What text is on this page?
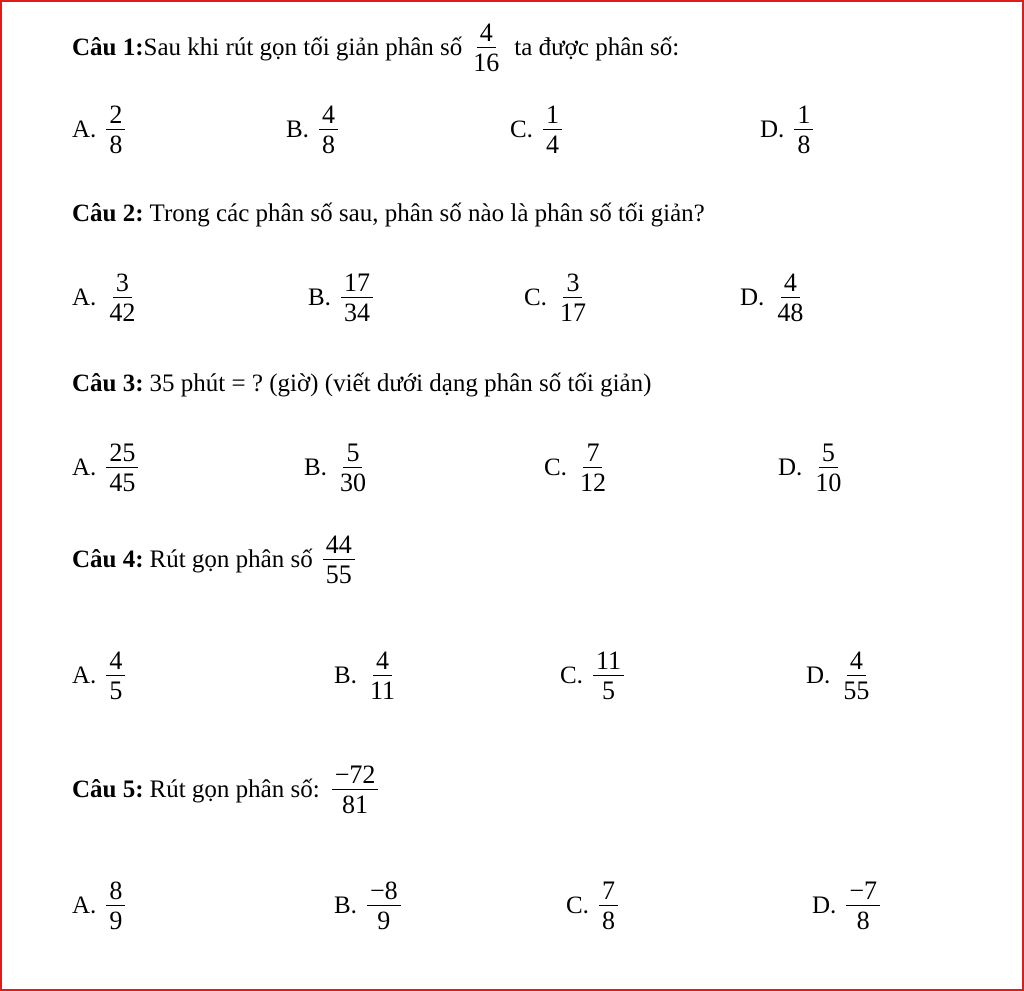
Câu 1: Sau khi rút gọn tối giản phân số $\frac{4}{16}$ ta được phân số:
A. $\frac{2}{8}$	B. $\frac{4}{8}$	C. $\frac{1}{4}$	D. $\frac{1}{8}$
Câu 2: Trong các phân số sau, phân số nào là phân số tối giản?
A. $\frac{3}{42}$	B. $\frac{17}{34}$	C. $\frac{3}{17}$	D. $\frac{4}{48}$
Câu 3: 35 phút = ? (giờ) (viết dưới dạng phân số tối giản)
A. $\frac{25}{45}$	B. $\frac{5}{30}$	C. $\frac{7}{12}$	D. $\frac{5}{10}$
Câu 4: Rút gọn phân số $\frac{44}{55}$
A. $\frac{4}{5}$	B. $\frac{4}{11}$	C. $\frac{11}{5}$	D. $\frac{4}{55}$
Câu 5: Rút gọn phân số: $\frac{-72}{81}$
A. $\frac{8}{9}$	B. $\frac{-8}{9}$	C. $\frac{7}{8}$	D. $\frac{-7}{8}$
